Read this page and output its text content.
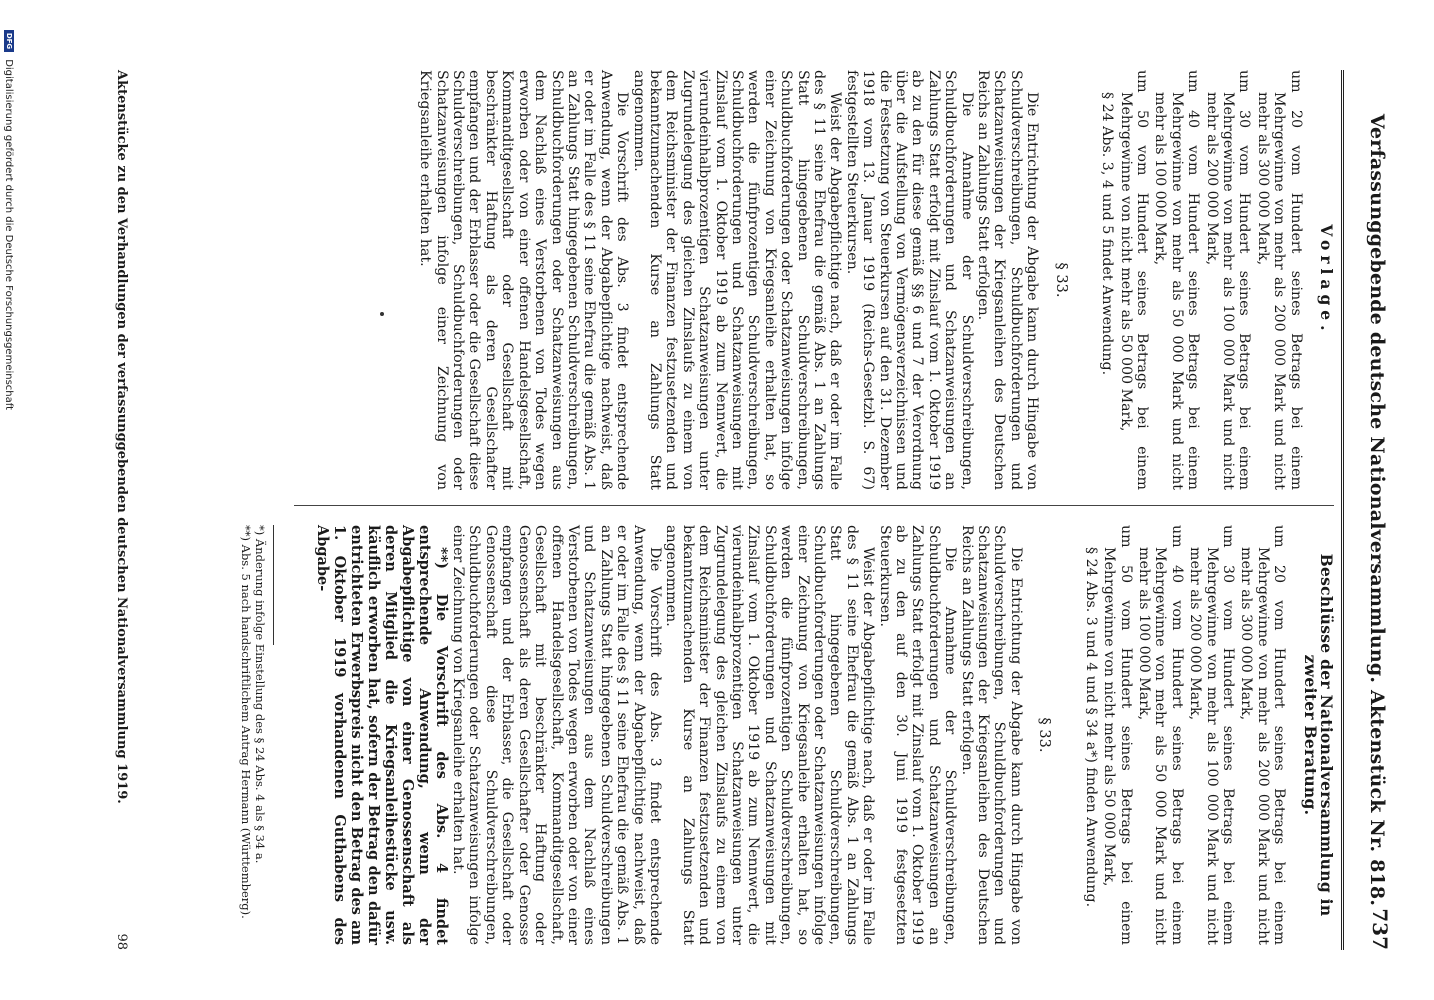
Verfassunggebende deutsche Nationalversammlung. Aktenstück Nr. 818.
737
Vorlage.

um 20 vom Hundert seines Betrags bei einem Mehrgewinne von mehr als 200 000 Mark und nicht mehr als 300 000 Mark,

um 30 vom Hundert seines Betrags bei einem Mehrgewinne von mehr als 100 000 Mark und nicht mehr als 200 000 Mark,

um 40 vom Hundert seines Betrags bei einem Mehrgewinne von mehr als 50 000 Mark und nicht mehr als 100 000 Mark,

um 50 vom Hundert seines Betrags bei einem Mehrgewinne von nicht mehr als 50 000 Mark,

§ 24 Abs. 3, 4 und 5 findet Anwendung.

§ 33.

Die Entrichtung der Abgabe kann durch Hingabe von Schuldverschreibungen, Schuldbuchforderungen und Schatzanweisungen der Kriegsanleihen des Deutschen Reichs an Zahlungs Statt erfolgen.

Die Annahme der Schuldverschreibungen, Schuldbuchforderungen und Schatzanweisungen an Zahlungs Statt erfolgt mit Zinslauf vom 1. Oktober 1919 ab zu den für diese gemäß §§ 6 und 7 der Verordnung über die Aufstellung von Vermögensverzeichnissen und die Festsetzung von Steuerkursen auf den 31. Dezember 1918 vom 13. Januar 1919 (Reichs-Gesetzbl. S. 67) festgestellten Steuerkursen.

Weist der Abgabepflichtige nach, daß er oder im Falle des § 11 seine Ehefrau die gemäß Abs. 1 an Zahlungs Statt hingegebenen Schuldverschreibungen, Schuldbuchforderungen oder Schatzanweisungen infolge einer Zeichnung von Kriegsanleihe erhalten hat, so werden die fünfprozentigen Schuldverschreibungen, Schuldbuchforderungen und Schatzanweisungen mit Zinslauf vom 1. Oktober 1919 ab zum Nennwert, die vierundeinhalbprozentigen Schatzanweisungen unter Zugrundelegung des gleichen Zinslaufs zu einem von dem Reichsminister der Finanzen festzusetzenden und bekanntzumachenden Kurse an Zahlungs Statt angenommen.

Die Vorschrift des Abs. 3 findet entsprechende Anwendung, wenn der Abgabepflichtige nachweist, daß er oder im Falle des § 11 seine Ehefrau die gemäß Abs. 1 an Zahlungs Statt hingegebenen Schuldverschreibungen, Schuldbuchforderungen oder Schatzanweisungen aus dem Nachlaß eines Verstorbenen von Todes wegen erworben oder von einer offenen Handelsgesellschaft, Kommanditgesellschaft oder Gesellschaft mit beschränkter Haftung als deren Gesellschafter empfangen und der Erblasser oder die Gesellschaft diese Schuldverschreibungen, Schuldbuchforderungen oder Schatzanweisungen infolge einer Zeichnung von Kriegsanleihe erhalten hat.

Beschlüsse der Nationalversammlung in zweiter Beratung.

um 20 vom Hundert seines Betrags bei einem Mehrgewinne von mehr als 200 000 Mark und nicht mehr als 300 000 Mark,

um 30 vom Hundert seines Betrags bei einem Mehrgewinne von mehr als 100 000 Mark und nicht mehr als 200 000 Mark,

um 40 vom Hundert seines Betrags bei einem Mehrgewinne von mehr als 50 000 Mark und nicht mehr als 100 000 Mark,

um 50 vom Hundert seines Betrags bei einem Mehrgewinne von nicht mehr als 50 000 Mark,

§ 24 Abs. 3 und 4 und § 34 a*) finden Anwendung.

§ 33.

Die Entrichtung der Abgabe kann durch Hingabe von Schuldverschreibungen, Schuldbuchforderungen und Schatzanweisungen der Kriegsanleihen des Deutschen Reichs an Zahlungs Statt erfolgen.

Die Annahme der Schuldverschreibungen, Schuldbuchforderungen und Schatzanweisungen an Zahlungs Statt erfolgt mit Zinslauf vom 1. Oktober 1919 ab zu den auf den 30. Juni 1919 festgesetzten Steuerkursen.

Weist der Abgabepflichtige nach, daß er oder im Falle des § 11 seine Ehefrau die gemäß Abs. 1 an Zahlungs Statt hingegebenen Schuldverschreibungen, Schuldbuchforderungen oder Schatzanweisungen infolge einer Zeichnung von Kriegsanleihe erhalten hat, so werden die fünfprozentigen Schuldverschreibungen, Schuldbuchforderungen und Schatzanweisungen mit Zinslauf vom 1. Oktober 1919 ab zum Nennwert, die vierundeinhalbprozentigen Schatzanweisungen unter Zugrundelegung des gleichen Zinslaufs zu einem von dem Reichsminister der Finanzen festzusetzenden und bekanntzumachenden Kurse an Zahlungs Statt angenommen.

Die Vorschrift des Abs. 3 findet entsprechende Anwendung, wenn der Abgabepflichtige nachweist, daß er oder im Falle des § 11 seine Ehefrau die gemäß Abs. 1 an Zahlungs Statt hingegebenen Schuldverschreibungen und Schatzanweisungen aus dem Nachlaß eines Verstorbenen von Todes wegen erworben oder von einer offenen Handelsgesellschaft, Kommanditgesellschaft, Gesellschaft mit beschränkter Haftung oder Genossenschaft als deren Gesellschafter oder Genosse empfangen und der Erblasser, die Gesellschaft oder Genossenschaft diese Schuldverschreibungen, Schuldbuchforderungen oder Schatzanweisungen infolge einer Zeichnung von Kriegsanleihe erhalten hat.

**) Die Vorschrift des Abs. 4 findet entsprechende Anwendung, wenn der Abgabepflichtige von einer Genossenschaft als deren Mitglied die Kriegsanleihestücke usw. käuflich erworben hat, sofern der Betrag den dafür entrichteten Erwerbspreis nicht den Betrag des am 1. Oktober 1919 vorhandenen Guthabens des Abgabe-

*) Änderung infolge Einstellung des § 24 Abs. 4 als § 34 a.
**) Abs. 5 nach handschriftlichem Antrag Hermann (Württemberg).
Aktenstücke zu den Verhandlungen der verfassunggebenden deutschen Nationalversammlung 1919.
98
DFG Digitalisierung gefördert durch die Deutsche Forschungsgemeinschaft
